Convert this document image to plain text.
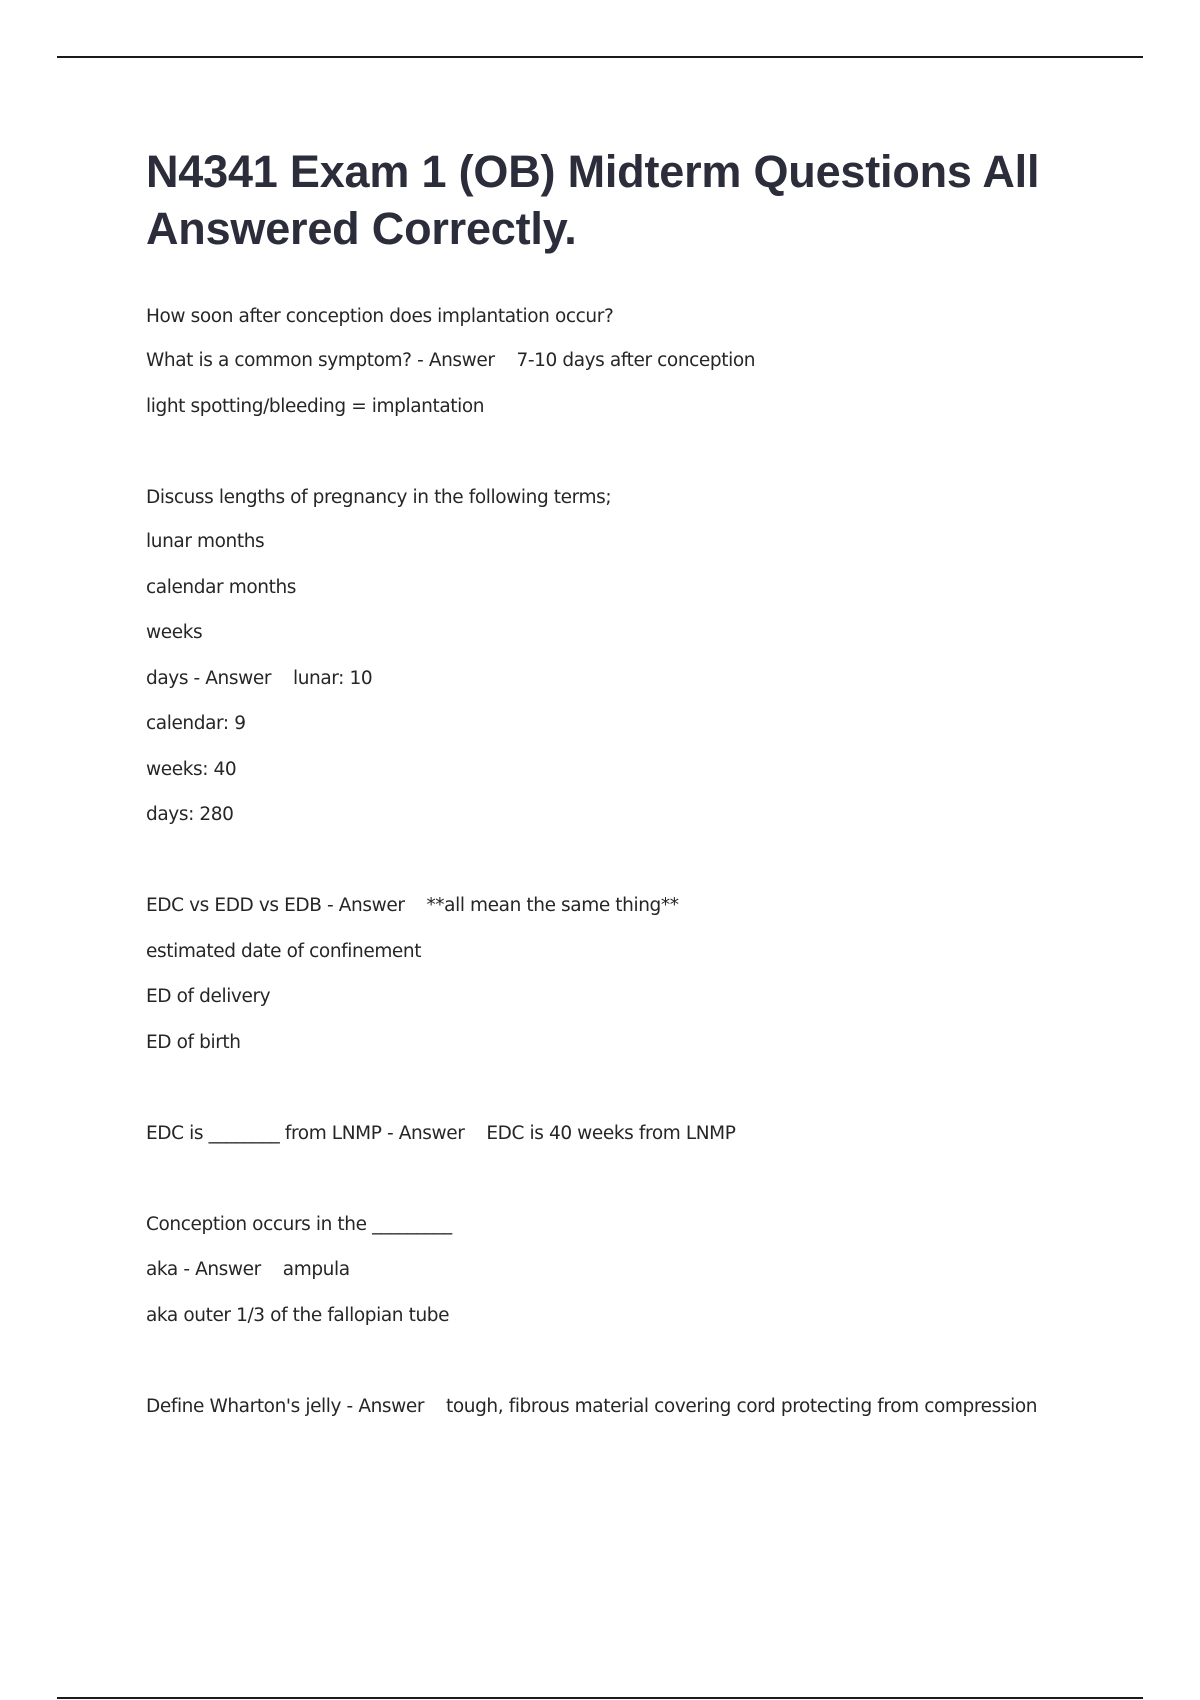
N4341 Exam 1 (OB) Midterm Questions All Answered Correctly.
How soon after conception does implantation occur?
What is a common symptom? - Answer    7-10 days after conception
light spotting/bleeding = implantation
Discuss lengths of pregnancy in the following terms;
lunar months
calendar months
weeks
days - Answer    lunar: 10
calendar: 9
weeks: 40
days: 280
EDC vs EDD vs EDB - Answer    **all mean the same thing**
estimated date of confinement
ED of delivery
ED of birth
EDC is ________ from LNMP - Answer    EDC is 40 weeks from LNMP
Conception occurs in the _________
aka - Answer    ampula
aka outer 1/3 of the fallopian tube
Define Wharton's jelly - Answer    tough, fibrous material covering cord protecting from compression
